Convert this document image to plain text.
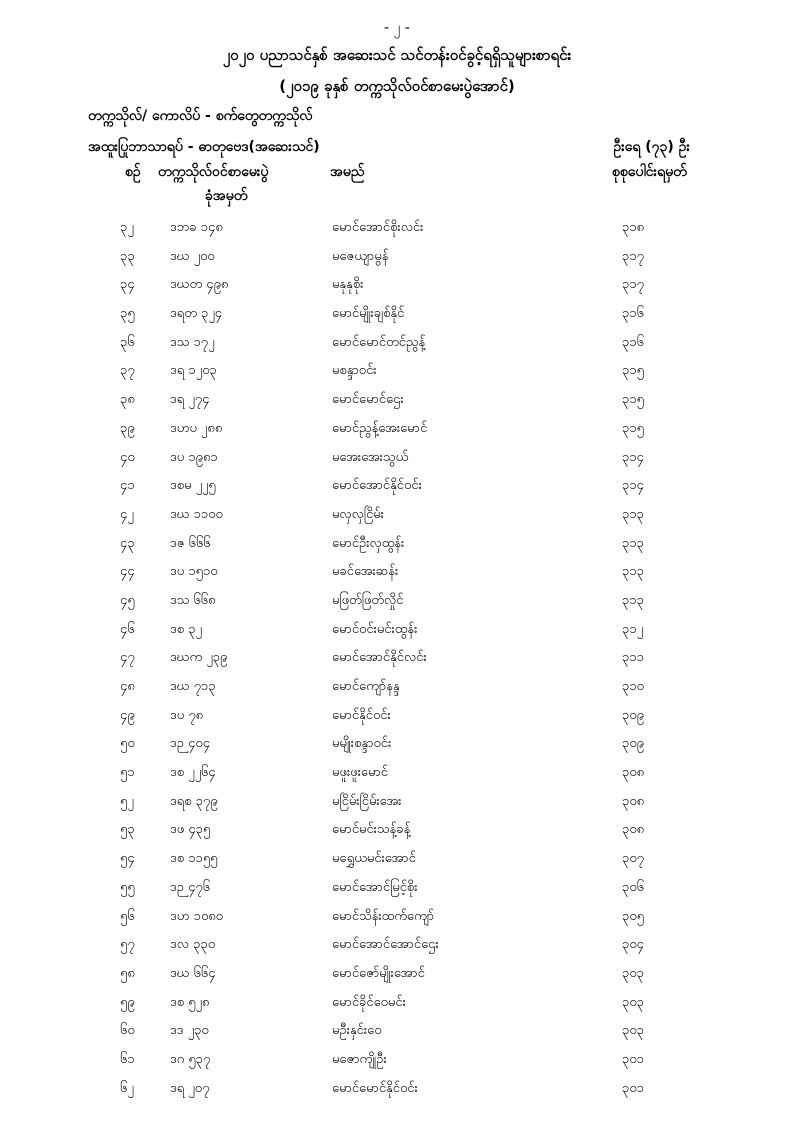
- ၂ -
၂၀၂၀ ပညာသင်နှစ် အဆေးသင် သင်တန်းဝင်ခွင့်ရရှိသူများစာရင်း
(၂၀၁၉ ခုနှစ် တက္ကသိုလ်ဝင်စာမေးပွဲအောင်)
တက္ကသိုလ်/ ကောလိပ် - စက်တွေတက္ကသိုလ်
အထူးပြုဘာသာရပ် - ဓာတုဗေဒ(အဆေးသင်)	ဦးရေ (၇၃) ဦး
စဉ် တက္ကသိုလ်ဝင်စာမေးပွဲ
ခုံအမှတ်
အမည်	စုစုပေါင်းရမှတ်
၃၂	ဒဘခ ၁၄၈	မောင်အောင်စိုးလင်း	၃၁၈
၃၃	ဒဃ ၂၀၀	မဇေယျာမွန်	၃၁၇
၃၄	ဒဃတ ၄၉၈	မနုနုစိုး	၃၁၇
၃၅	ဒရတ ၃၂၄	မောင်မျိုးချစ်နိုင်	၃၁၆
၃၆	ဒသ ၁၇၂	မောင်မောင်တင်ညွန့်	၃၁၆
၃၇	ဒရ ၁၂၀၃	မစန္ဒာဝင်း	၃၁၅
၃၈	ဒရ ၂၇၄	မောင်မောင်ဌေး	၃၁၅
၃၉	ဒဟပ ၂၈၈	မောင်ညွန့်အေးမောင်	၃၁၅
၄၀	ဒပ ၁၉၈၁	မအေးအေးသွယ်	၃၁၄
၄၁	ဒစမ ၂၂၅	မောင်အောင်နိုင်ဝင်း	၃၁၄
၄၂	ဒဃ ၁၁၀၀	မလှလှငြိမ်း	၃၁၃
၄၃	ဒဇ ၆၆၆	မောင်ဦးလှထွန်း	၃၁၃
၄၄	ဒပ ၁၅၁၀	မခင်အေးဆန်း	၃၁၃
၄၅	ဒသ ၆၆၈	မဖြတ်ဖြတ်လှိုင်	၃၁၃
၄၆	ဒစ ၃၂	မောင်ဝင်းမင်းထွန်း	၃၁၂
၄၇	ဒဃက ၂၃၉	မောင်အောင်နိုင်လင်း	၃၁၁
၄၈	ဒဃ ၇၁၃	မောင်ကျော်နန္ဒ	၃၁၀
၄၉	ဒပ ၇၈	မောင်နိုင်ဝင်း	၃၀၉
၅၀	ဒဉ ၄၀၄	မမျိုးစန္ဒာဝင်း	၃၀၉
၅၁	ဒစ ၂၂၆၄	မဖူးဖူးမောင်	၃၀၈
၅၂	ဒရစ ၃၇၉	မငြိမ်းငြိမ်းအေး	၃၀၈
၅၃	ဒဖ ၄၃၅	မောင်မင်းသန့်ခန့်	၃၀၈
၅၄	ဒစ ၁၁၅၅	မရွှေယမင်းအောင်	၃၀၇
၅၅	ဒဉ ၄၇၆	မောင်အောင်မြင့်စိုး	၃၀၆
၅၆	ဒဟ ၁၀၈၀	မောင်သိန်းထက်ကျော်	၃၀၅
၅၇	ဒလ ၃၃၀	မောင်အောင်အောင်ဌေး	၃၀၄
၅၈	ဒဃ ၆၆၄	မောင်ဇော်မျိုးအောင်	၃၀၃
၅၉	ဒစ ၅၂၈	မောင်ခိုင်ဝေမင်း	၃၀၃
၆၀	ဒဒ ၂၃၀	မဦးနှင်းဝေ	၃၀၃
၆၁	ဒဂ ၅၃၇	မဇောကျိုဦး	၃၀၁
၆၂	ဒရ ၂၀၇	မောင်မောင်နိုင်ဝင်း	၃၀၁
